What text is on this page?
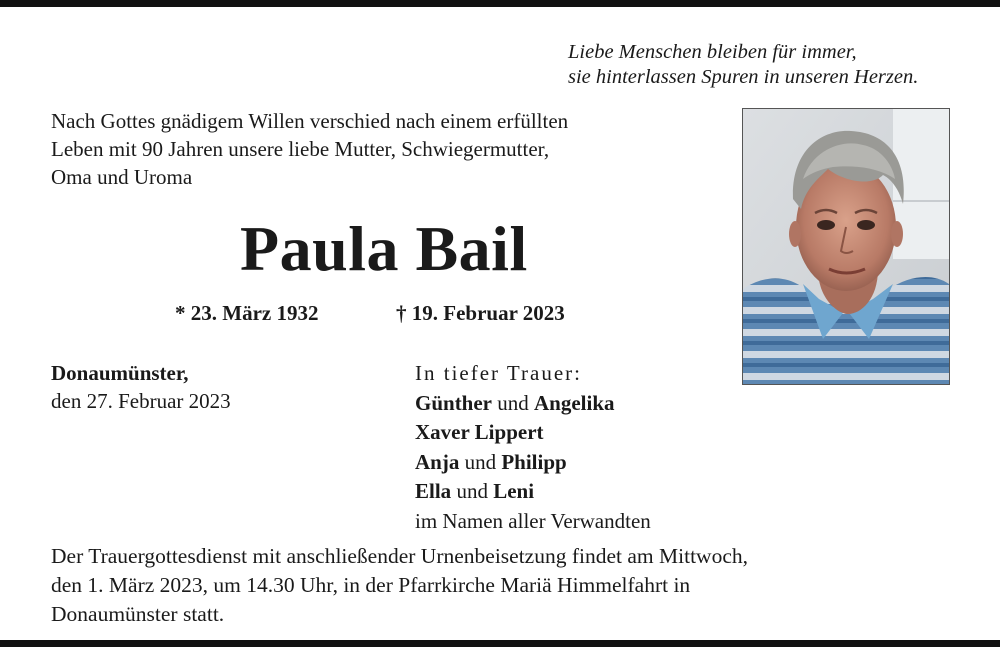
Liebe Menschen bleiben für immer,
sie hinterlassen Spuren in unseren Herzen.
Nach Gottes gnädigem Willen verschied nach einem erfüllten
Leben mit 90 Jahren unsere liebe Mutter, Schwiegermutter,
Oma und Uroma
Paula Bail
* 23. März 1932	† 19. Februar 2023
Donaumünster,
den 27. Februar 2023
In tiefer Trauer:
Günther und Angelika
Xaver Lippert
Anja und Philipp
Ella und Leni
im Namen aller Verwandten
Der Trauergottesdienst mit anschließender Urnenbeisetzung findet am Mittwoch,
den 1. März 2023, um 14.30 Uhr, in der Pfarrkirche Mariä Himmelfahrt in
Donaumünster statt.
